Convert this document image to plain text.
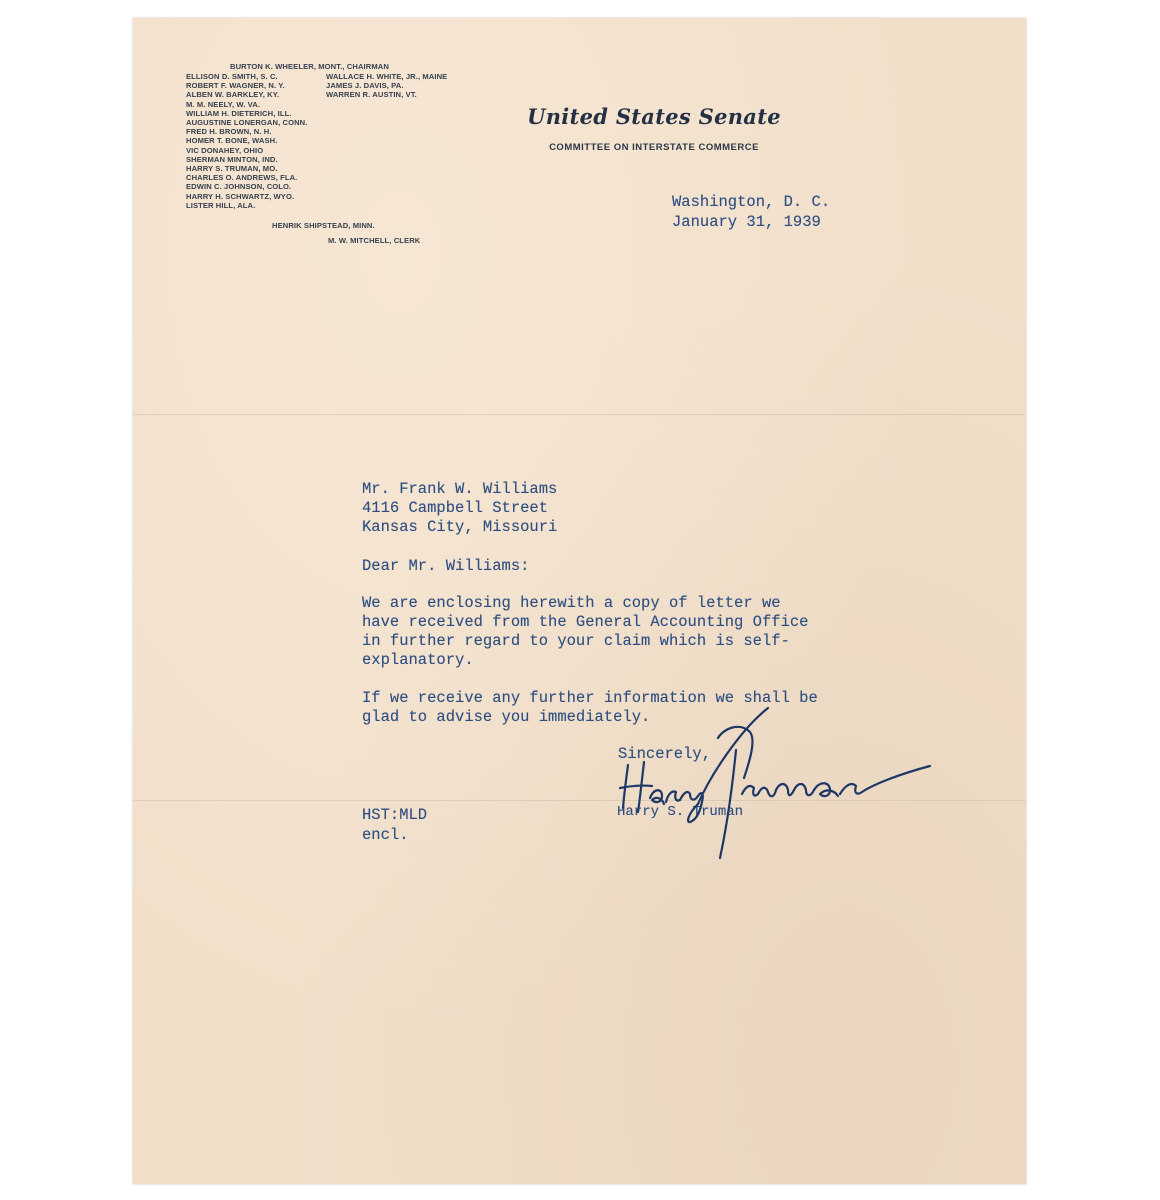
BURTON K. WHEELER, MONT., CHAIRMAN
ELLISON D. SMITH, S. C.
ROBERT F. WAGNER, N. Y.
ALBEN W. BARKLEY, KY.
M. M. NEELY, W. VA.
WILLIAM H. DIETERICH, ILL.
AUGUSTINE LONERGAN, CONN.
FRED H. BROWN, N. H.
HOMER T. BONE, WASH.
VIC DONAHEY, OHIO
SHERMAN MINTON, IND.
HARRY S. TRUMAN, MO.
CHARLES O. ANDREWS, FLA.
EDWIN C. JOHNSON, COLO.
HARRY H. SCHWARTZ, WYO.
LISTER HILL, ALA.
WALLACE H. WHITE, JR., MAINE
JAMES J. DAVIS, PA.
WARREN R. AUSTIN, VT.
HENRIK SHIPSTEAD, MINN.
M. W. MITCHELL, CLERK
United States Senate
COMMITTEE ON INTERSTATE COMMERCE
Washington, D. C.
January 31, 1939
Mr. Frank W. Williams
4116 Campbell Street
Kansas City, Missouri
Dear Mr. Williams:
We are enclosing herewith a copy of letter we
have received from the General Accounting Office
in further regard to your claim which is self-
explanatory.
If we receive any further information we shall be
glad to advise you immediately.
Sincerely,
Harry S. Truman
HST:MLD
encl.
